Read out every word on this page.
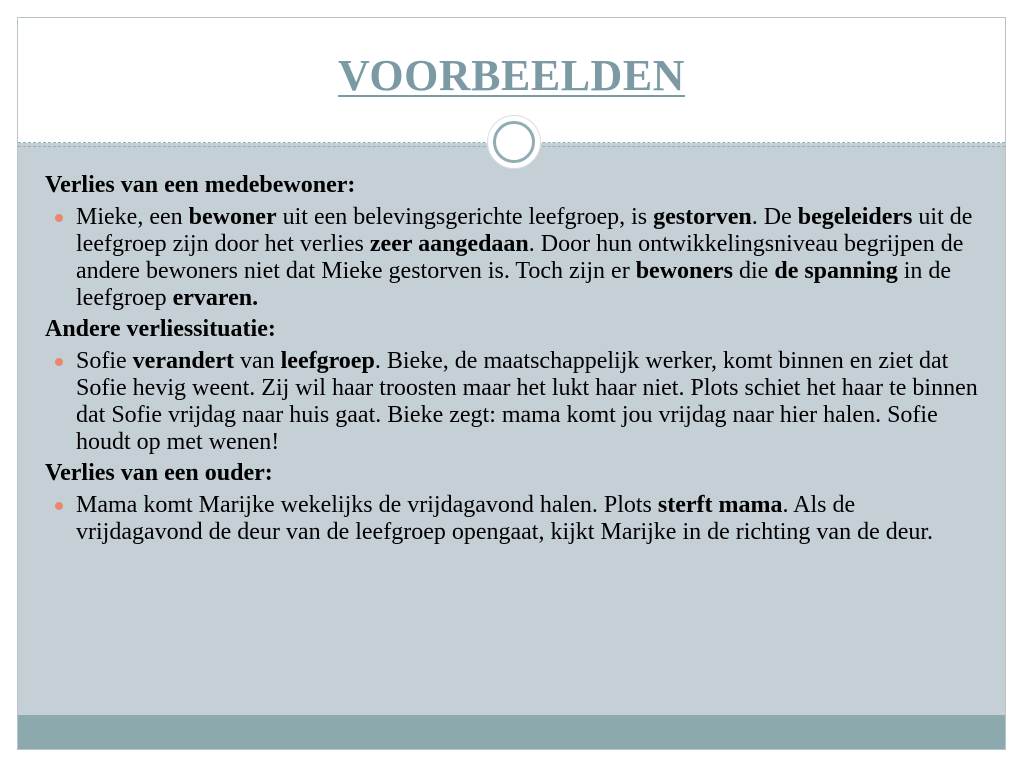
VOORBEELDEN
Verlies van een medebewoner:
Mieke, een bewoner uit een belevingsgerichte leefgroep, is gestorven. De begeleiders uit de leefgroep zijn door het verlies zeer aangedaan. Door hun ontwikkelingsniveau begrijpen de andere bewoners niet dat Mieke gestorven is. Toch zijn er bewoners die de spanning in de leefgroep ervaren.
Andere verliessituatie:
Sofie verandert van leefgroep. Bieke, de maatschappelijk werker, komt binnen en ziet dat Sofie hevig weent. Zij wil haar troosten maar het lukt haar niet. Plots schiet het haar te binnen dat Sofie vrijdag naar huis gaat. Bieke zegt: mama komt jou vrijdag naar hier halen. Sofie houdt op met wenen!
Verlies van een ouder:
Mama komt Marijke wekelijks de vrijdagavond halen. Plots sterft mama. Als de vrijdagavond de deur van de leefgroep opengaat, kijkt Marijke in de richting van de deur.
